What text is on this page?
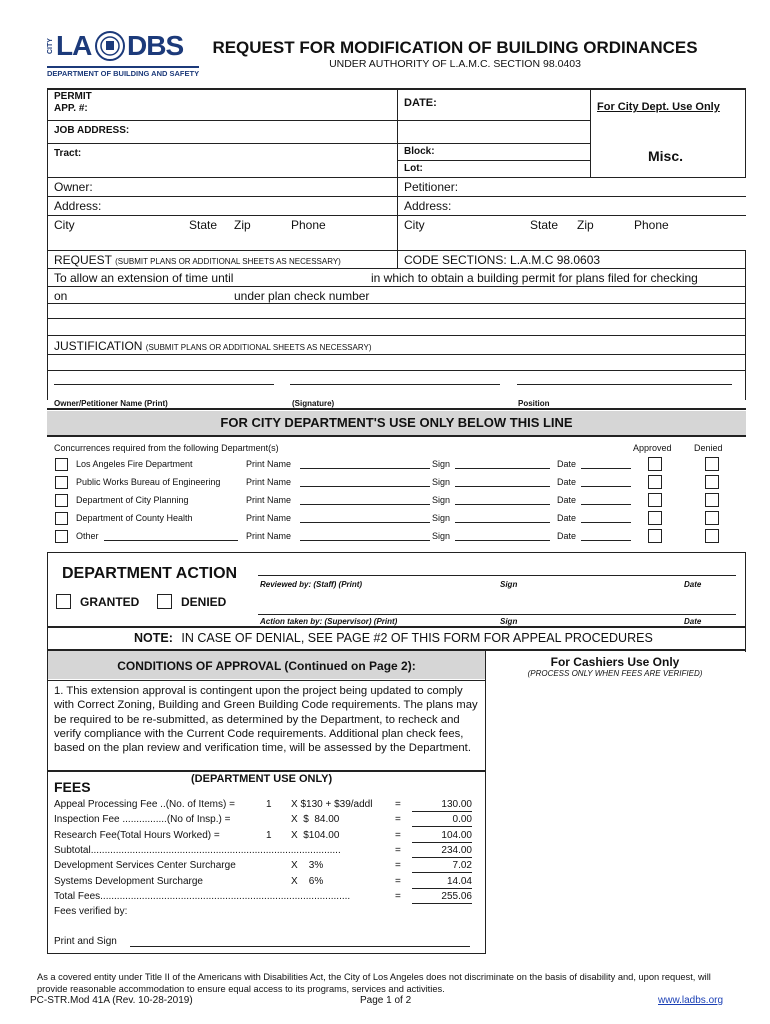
CITY LA DBS
DEPARTMENT OF BUILDING AND SAFETY
REQUEST FOR MODIFICATION OF BUILDING ORDINANCES
UNDER AUTHORITY OF L.A.M.C. SECTION 98.0403
PERMIT
APP. #:	DATE:	For City Dept. Use Only
JOB ADDRESS:
Tract:	Block:
Lot:
Misc.
Owner:	Petitioner:
Address:	Address:
City	State Zip	Phone	City	State Zip	Phone
REQUEST (SUBMIT PLANS OR ADDITIONAL SHEETS AS NECESSARY)	CODE SECTIONS: L.A.M.C 98.0603
To allow an extension of time until	in which to obtain a building permit for plans filed for checking
on	under plan check number
JUSTIFICATION (SUBMIT PLANS OR ADDITIONAL SHEETS AS NECESSARY)
Owner/Petitioner Name (Print)	(Signature)	Position
FOR CITY DEPARTMENT'S USE ONLY BELOW THIS LINE
Concurrences required from the following Department(s)	Approved Denied
Los Angeles Fire Department	Print Name	Sign	Date
Public Works Bureau of Engineering	Print Name	Sign	Date
Department of City Planning	Print Name	Sign	Date
Department of County Health	Print Name	Sign	Date
Other	Print Name	Sign	Date
DEPARTMENT ACTION
GRANTED	DENIED
Reviewed by: (Staff) (Print)	Sign	Date
Action taken by: (Supervisor) (Print)	Sign	Date
NOTE: IN CASE OF DENIAL, SEE PAGE #2 OF THIS FORM FOR APPEAL PROCEDURES
CONDITIONS OF APPROVAL (Continued on Page 2):
1. This extension approval is contingent upon the project being updated to comply with Correct Zoning, Building and Green Building Code requirements. The plans may be required to be re-submitted, as determined by the Department, to recheck and verify compliance with the Current Code requirements. Additional plan check fees, based on the plan review and verification time, will be assessed by the Department.
For Cashiers Use Only
(PROCESS ONLY WHEN FEES ARE VERIFIED)
FEES	(DEPARTMENT USE ONLY)
Appeal Processing Fee ..(No. of Items) =	1 X $130 + $39/addl =	130.00
Inspection Fee ................(No of Insp.) =	X  $  84.00	=	0.00
Research Fee(Total Hours Worked) =	1 X  $104.00	=	104.00
Subtotal..........................................................................................	=	234.00
Development Services Center Surcharge	X    3%	=	7.02
Systems Development Surcharge	X    6%	=	14.04
Total Fees..........................................................................................	=	255.06
Fees verified by:
Print and Sign
As a covered entity under Title II of the Americans with Disabilities Act, the City of Los Angeles does not discriminate on the basis of disability and, upon request, will provide reasonable accommodation to ensure equal access to its programs, services and activities.
PC-STR.Mod 41A (Rev. 10-28-2019)	Page 1 of 2	www.ladbs.org
